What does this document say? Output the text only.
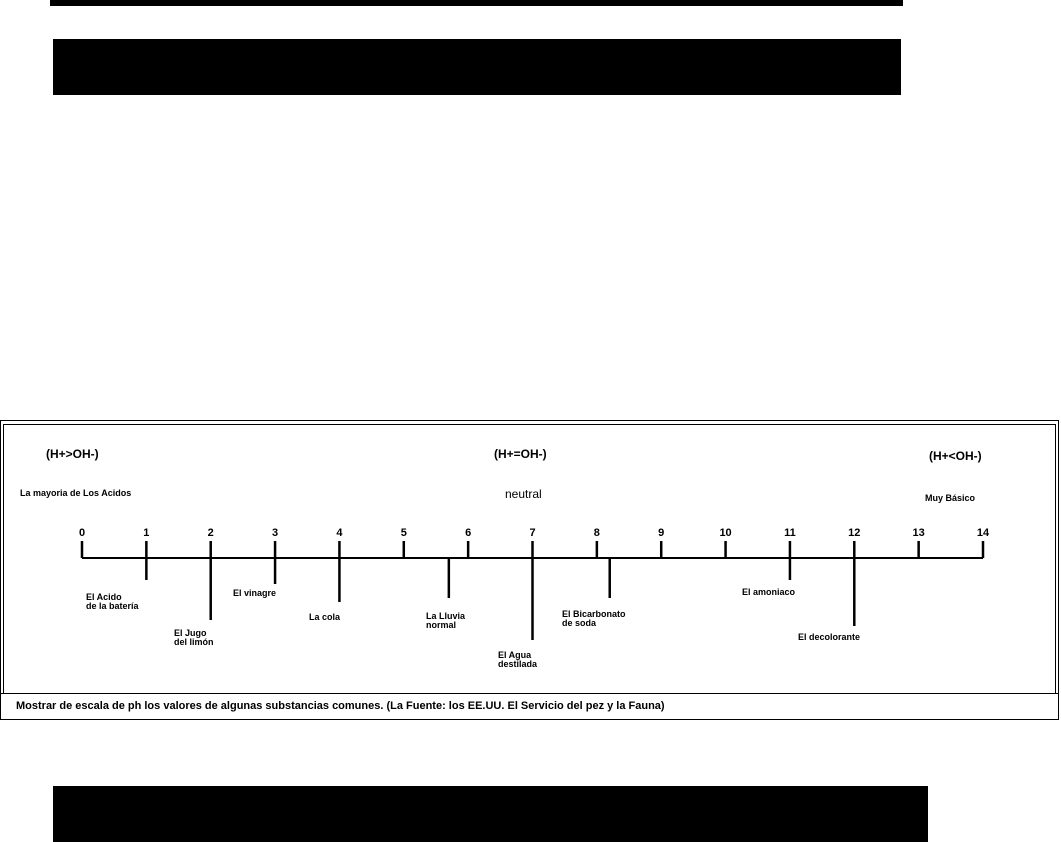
(H+>OH-)	(H+=OH-)	(H+<OH-)
La mayoria de Los Acidos	neutral	Muy Básico
0	1	2	3	4	5	6	7	8	9	10	11	12	13	14
El Acido
de la batería
El Jugo
del limón
El vinagre
La cola	La Lluvia
normal
El Agua
destilada
El Bicarbonato
de soda
El amoniaco
El decolorante
Mostrar de escala de ph los valores de algunas substancias comunes. (La Fuente: los EE.UU. El Servicio del pez y la Fauna)
